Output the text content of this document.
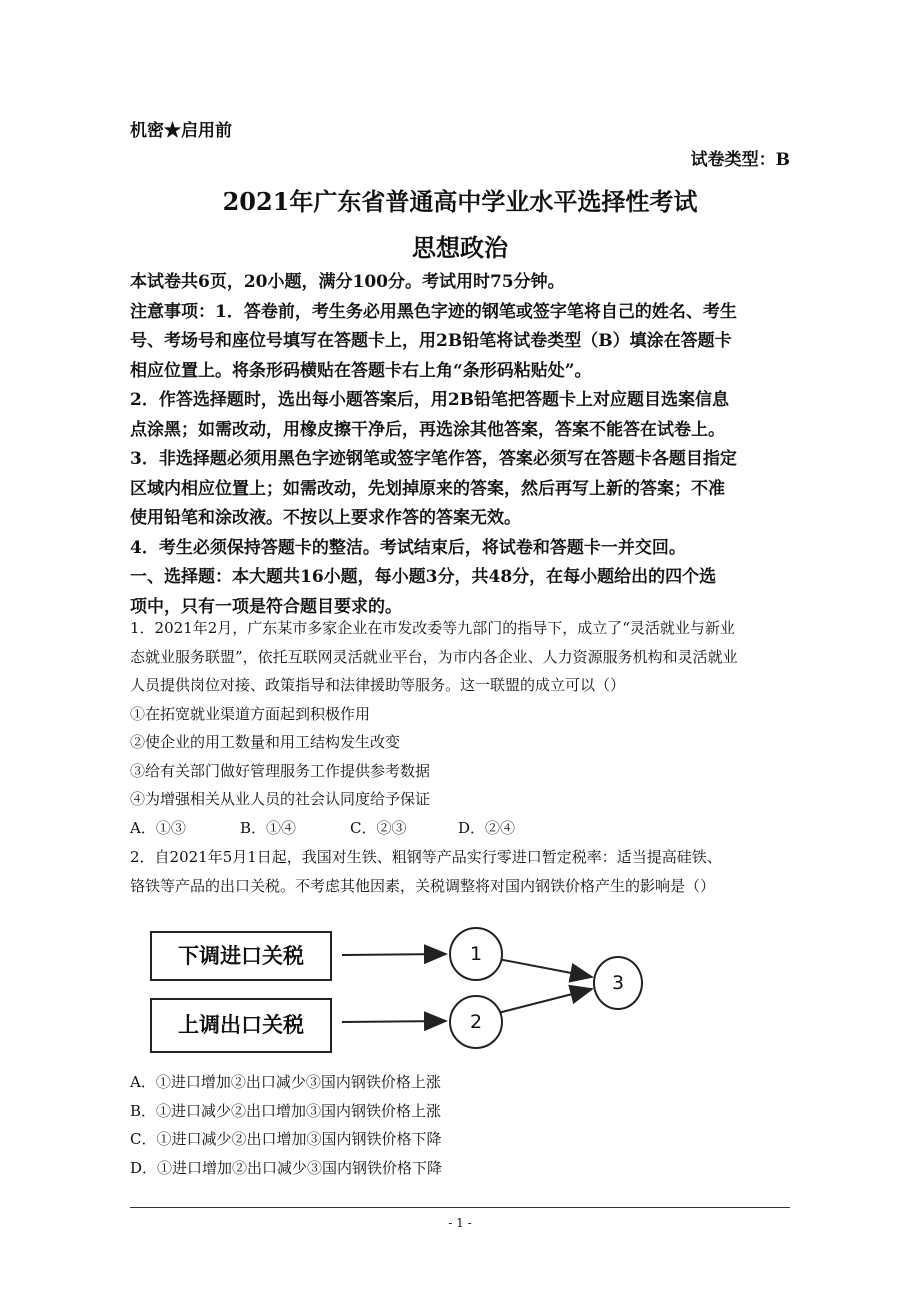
机密★启用前
试卷类型：B
2021年广东省普通高中学业水平选择性考试
思想政治

本试卷共6页，20小题，满分100分。考试用时75分钟。

注意事项：1．答卷前，考生务必用黑色字迹的钢笔或签字笔将自己的姓名、考生

号、考场号和座位号填写在答题卡上，用2B铅笔将试卷类型（B）填涂在答题卡

相应位置上。将条形码横贴在答题卡右上角“条形码粘贴处”。

2．作答选择题时，选出每小题答案后，用2B铅笔把答题卡上对应题目选案信息

点涂黑；如需改动，用橡皮擦干净后，再选涂其他答案，答案不能答在试卷上。

3．非选择题必须用黑色字迹钢笔或签字笔作答，答案必须写在答题卡各题目指定

区域内相应位置上；如需改动，先划掉原来的答案，然后再写上新的答案；不准

使用铅笔和涂改液。不按以上要求作答的答案无效。

4．考生必须保持答题卡的整洁。考试结束后，将试卷和答题卡一并交回。

一、选择题：本大题共16小题，每小题3分，共48分，在每小题给出的四个选

项中，只有一项是符合题目要求的。

1．2021年2月，广东某市多家企业在市发改委等九部门的指导下，成立了“灵活就业与新业

态就业服务联盟”，依托互联网灵活就业平台，为市内各企业、人力资源服务机构和灵活就业

人员提供岗位对接、政策指导和法律援助等服务。这一联盟的成立可以（）

①在拓宽就业渠道方面起到积极作用

②使企业的用工数量和用工结构发生改变

③给有关部门做好管理服务工作提供参考数据

④为增强相关从业人员的社会认同度给予保证

A．①③	B．①④	C．②③	D．②④

2．自2021年5月1日起，我国对生铁、粗钢等产品实行零进口暂定税率：适当提高硅铁、

铬铁等产品的出口关税。不考虑其他因素，关税调整将对国内钢铁价格产生的影响是（）

下调进口关税
上调出口关税
1
2
3

A．①进口增加②出口减少③国内钢铁价格上涨

B．①进口减少②出口增加③国内钢铁价格上涨

C．①进口减少②出口增加③国内钢铁价格下降

D．①进口增加②出口减少③国内钢铁价格下降

- 1 -
